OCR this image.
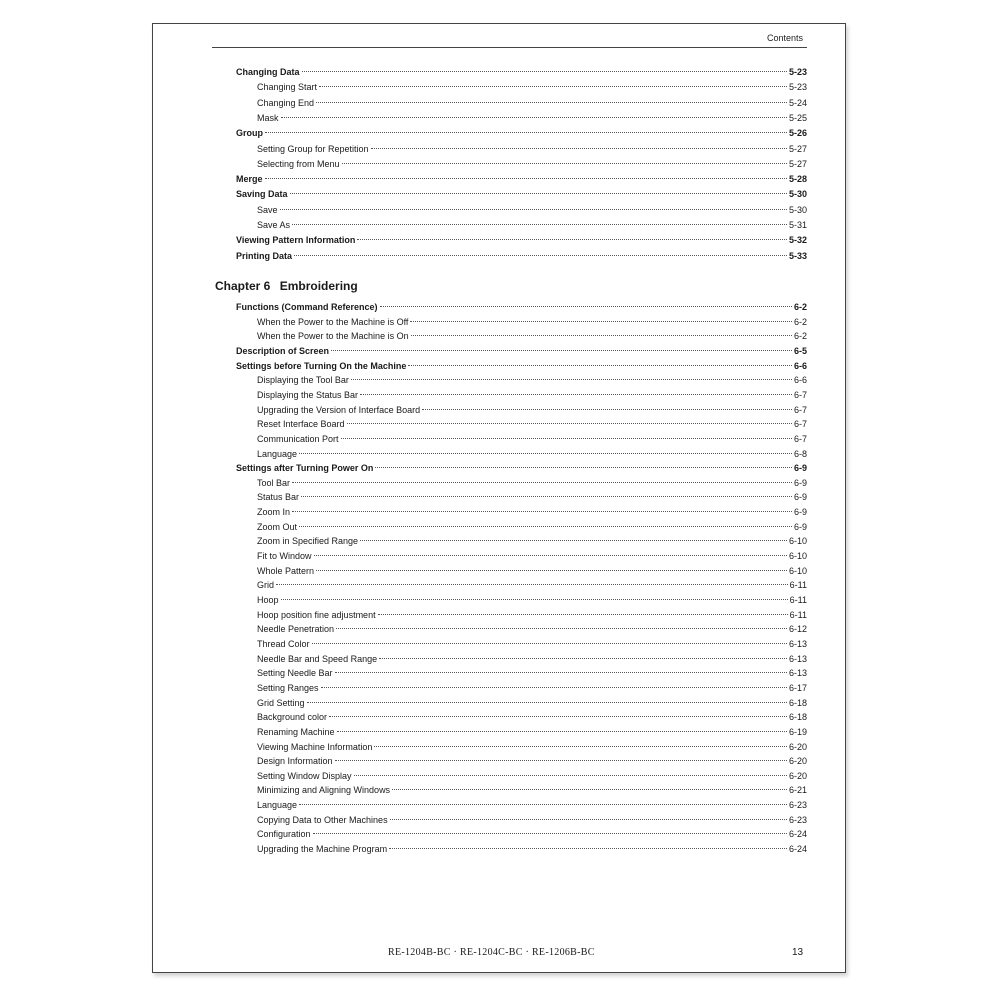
Contents
Changing Data	5-23
Changing Start	5-23
Changing End	5-24
Mask	5-25
Group	5-26
Setting Group for Repetition	5-27
Selecting from Menu	5-27
Merge	5-28
Saving Data	5-30
Save	5-30
Save As	5-31
Viewing Pattern Information	5-32
Printing Data	5-33
Functions (Command Reference)	6-2
When the Power to the Machine is Off	6-2
When the Power to the Machine is On	6-2
Description of Screen	6-5
Settings before Turning On the Machine	6-6
Displaying the Tool Bar	6-6
Displaying the Status Bar	6-7
Upgrading the Version of Interface Board	6-7
Reset Interface Board	6-7
Communication Port	6-7
Language	6-8
Settings after Turning Power On	6-9
Tool Bar	6-9
Status Bar	6-9
Zoom In	6-9
Zoom Out	6-9
Zoom in Specified Range	6-10
Fit to Window	6-10
Whole Pattern	6-10
Grid	6-11
Hoop	6-11
Hoop position fine adjustment	6-11
Needle Penetration	6-12
Thread Color	6-13
Needle Bar and Speed Range	6-13
Setting Needle Bar	6-13
Setting Ranges	6-17
Grid Setting	6-18
Background color	6-18
Renaming Machine	6-19
Viewing Machine Information	6-20
Design Information	6-20
Setting Window Display	6-20
Minimizing and Aligning Windows	6-21
Language	6-23
Copying Data to Other Machines	6-23
Configuration	6-24
Upgrading the Machine Program	6-24
Chapter 6 Embroidering
RE-1204B-BC · RE-1204C-BC · RE-1206B-BC	13
